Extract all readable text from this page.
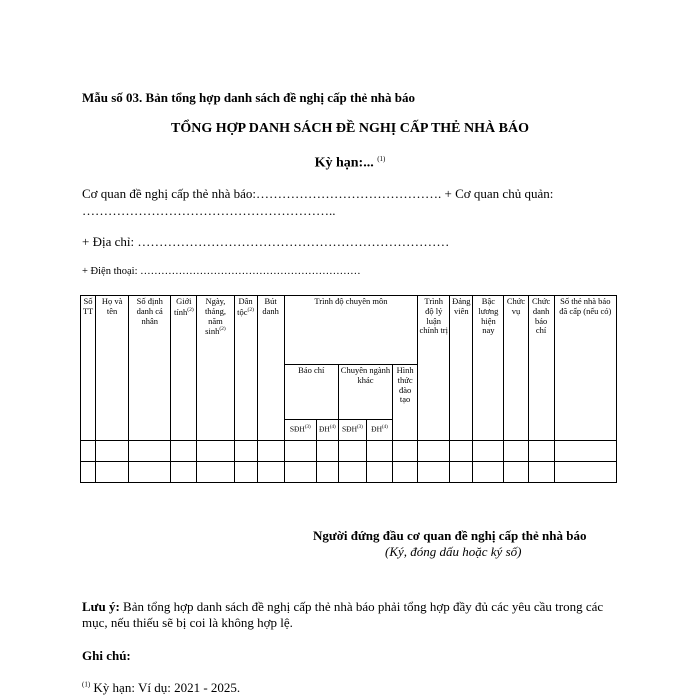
Mẫu số 03. Bản tổng hợp danh sách đề nghị cấp thẻ nhà báo
TỔNG HỢP DANH SÁCH ĐỀ NGHỊ CẤP THẺ NHÀ BÁO
Kỳ hạn:... $^{(1)}$
Cơ quan đề nghị cấp thẻ nhà báo:……………………………………. + Cơ quan chủ quản:
…………………………………………………..
+ Địa chỉ: ………………………………………………………………
+ Điện thoại: ………………………………………………………
Số TT	Họ và tên	Số định danh cá nhân	Giới tính$^{(2)}$	Ngày, tháng, năm $\sinh^{(2)}$	Dân tộc$^{(2)}$	Bút danh	Trình độ chuyên môn					Trình độ lý luận chính trị	Đảng viên	Bậc lương hiện nay	Chức vụ	Chức danh báo chí	Số thẻ nhà báo đã cấp (nếu có)
							Báo chí		Chuyên ngành khác		Hình thức đào tạo						
							SĐH$^{(3)}$	ĐH$^{(4)}$	SĐH$^{(3)}$	ĐH$^{(4)}$

Người đứng đầu cơ quan đề nghị cấp thẻ nhà báo
(Ký, đóng dấu hoặc ký số)
Lưu ý: Bản tổng hợp danh sách đề nghị cấp thẻ nhà báo phải tổng hợp đầy đủ các yêu cầu trong các mục, nếu thiếu sẽ bị coi là không hợp lệ.
Ghi chú:
$^{(1)}$ Kỳ hạn: Ví dụ: 2021 - 2025.
